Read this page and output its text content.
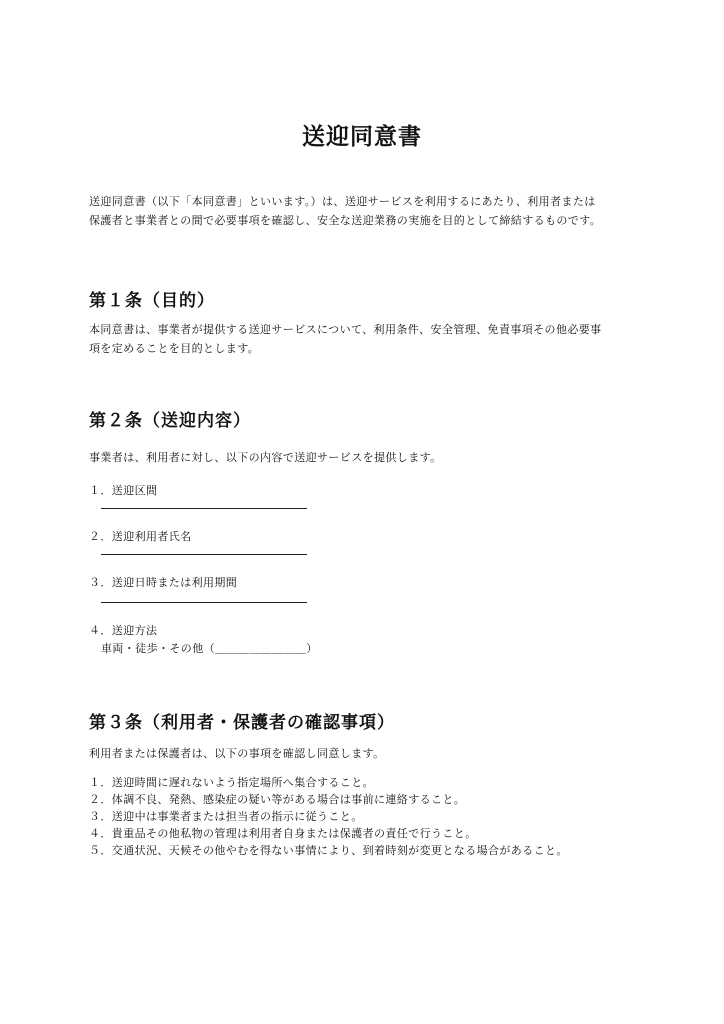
送迎同意書
送迎同意書（以下「本同意書」といいます。）は、送迎サービスを利用するにあたり、利用者または
保護者と事業者との間で必要事項を確認し、安全な送迎業務の実施を目的として締結するものです。
第１条（目的）
本同意書は、事業者が提供する送迎サービスについて、利用条件、安全管理、免責事項その他必要事
項を定めることを目的とします。
第２条（送迎内容）
事業者は、利用者に対し、以下の内容で送迎サービスを提供します。
１．送迎区間
２．送迎利用者氏名
３．送迎日時または利用期間
４．送迎方法
車両・徒歩・その他（＿＿＿＿＿＿＿＿）
第３条（利用者・保護者の確認事項）
利用者または保護者は、以下の事項を確認し同意します。
１．送迎時間に遅れないよう指定場所へ集合すること。
２．体調不良、発熱、感染症の疑い等がある場合は事前に連絡すること。
３．送迎中は事業者または担当者の指示に従うこと。
４．貴重品その他私物の管理は利用者自身または保護者の責任で行うこと。
５．交通状況、天候その他やむを得ない事情により、到着時刻が変更となる場合があること。
